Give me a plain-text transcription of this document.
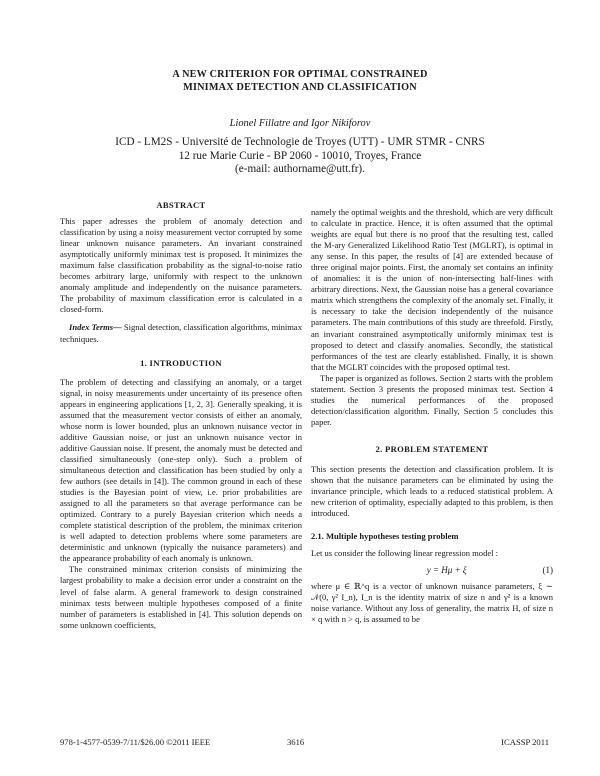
A NEW CRITERION FOR OPTIMAL CONSTRAINED
MINIMAX DETECTION AND CLASSIFICATION
Lionel Fillatre and Igor Nikiforov
ICD - LM2S - Université de Technologie de Troyes (UTT) - UMR STMR - CNRS
12 rue Marie Curie - BP 2060 - 10010, Troyes, France
(e-mail: authorname@utt.fr).

ABSTRACT

This paper adresses the problem of anomaly detection and classification by using a noisy measurement vector corrupted by some linear unknown nuisance parameters. An invariant constrained asymptotically uniformly minimax test is proposed. It minimizes the maximum false classification probability as the signal-to-noise ratio becomes arbitrary large, uniformly with respect to the unknown anomaly amplitude and independently on the nuisance parameters. The probability of maximum classification error is calculated in a closed-form.

Index Terms— Signal detection, classification algorithms, minimax techniques.

1. INTRODUCTION

The problem of detecting and classifying an anomaly, or a target signal, in noisy measurements under uncertainty of its presence often appears in engineering applications [1, 2, 3]. Generally speaking, it is assumed that the measurement vector consists of either an anomaly, whose norm is lower bounded, plus an unknown nuisance vector in additive Gaussian noise, or just an unknown nuisance vector in additive Gaussian noise. If present, the anomaly must be detected and classified simultaneously (one-step only). Such a problem of simultaneous detection and classification has been studied by only a few authors (see details in [4]). The common ground in each of these studies is the Bayesian point of view, i.e. prior probabilities are assigned to all the parameters so that average performance can be optimized. Contrary to a purely Bayesian criterion which needs a complete statistical description of the problem, the minimax criterion is well adapted to detection problems where some parameters are deterministic and unknown (typically the nuisance parameters) and the appearance probability of each anomaly is unknown.

The constrained minimax criterion consists of minimizing the largest probability to make a decision error under a constraint on the level of false alarm. A general framework to design constrained minimax tests between multiple hypotheses composed of a finite number of parameters is established in [4]. This solution depends on some unknown coefficients,

namely the optimal weights and the threshold, which are very difficult to calculate in practice. Hence, it is often assumed that the optimal weights are equal but there is no proof that the resulting test, called the M-ary Generalized Likelihood Ratio Test (MGLRT), is optimal in any sense. In this paper, the results of [4] are extended because of three original major points. First, the anomaly set contains an infinity of anomalies: it is the union of non-intersecting half-lines with arbitrary directions. Next, the Gaussian noise has a general covariance matrix which strengthens the complexity of the anomaly set. Finally, it is necessary to take the decision independently of the nuisance parameters. The main contributions of this study are threefold. Firstly, an invariant constrained asymptotically uniformly minimax test is proposed to detect and classify anomalies. Secondly, the statistical performances of the test are clearly established. Finally, it is shown that the MGLRT coincides with the proposed optimal test.

The paper is organized as follows. Section 2 starts with the problem statement. Section 3 presents the proposed minimax test. Section 4 studies the numerical performances of the proposed detection/classification algorithm. Finally, Section 5 concludes this paper.

2. PROBLEM STATEMENT

This section presents the detection and classification problem. It is shown that the nuisance parameters can be eliminated by using the invariance principle, which leads to a reduced statistical problem. A new criterion of optimality, especially adapted to this problem, is then introduced.

2.1. Multiple hypotheses testing problem

Let us consider the following linear regression model :

y = Hμ + ξ	(1)

where μ ∈ ℝ^q is a vector of unknown nuisance parameters, ξ ∼ 𝒩(0, γ² I_n), I_n is the identity matrix of size n and γ² is a known noise variance. Without any loss of generality, the matrix H, of size n × q with n > q, is assumed to be

978-1-4577-0539-7/11/$26.00 ©2011 IEEE	3616	ICASSP 2011
